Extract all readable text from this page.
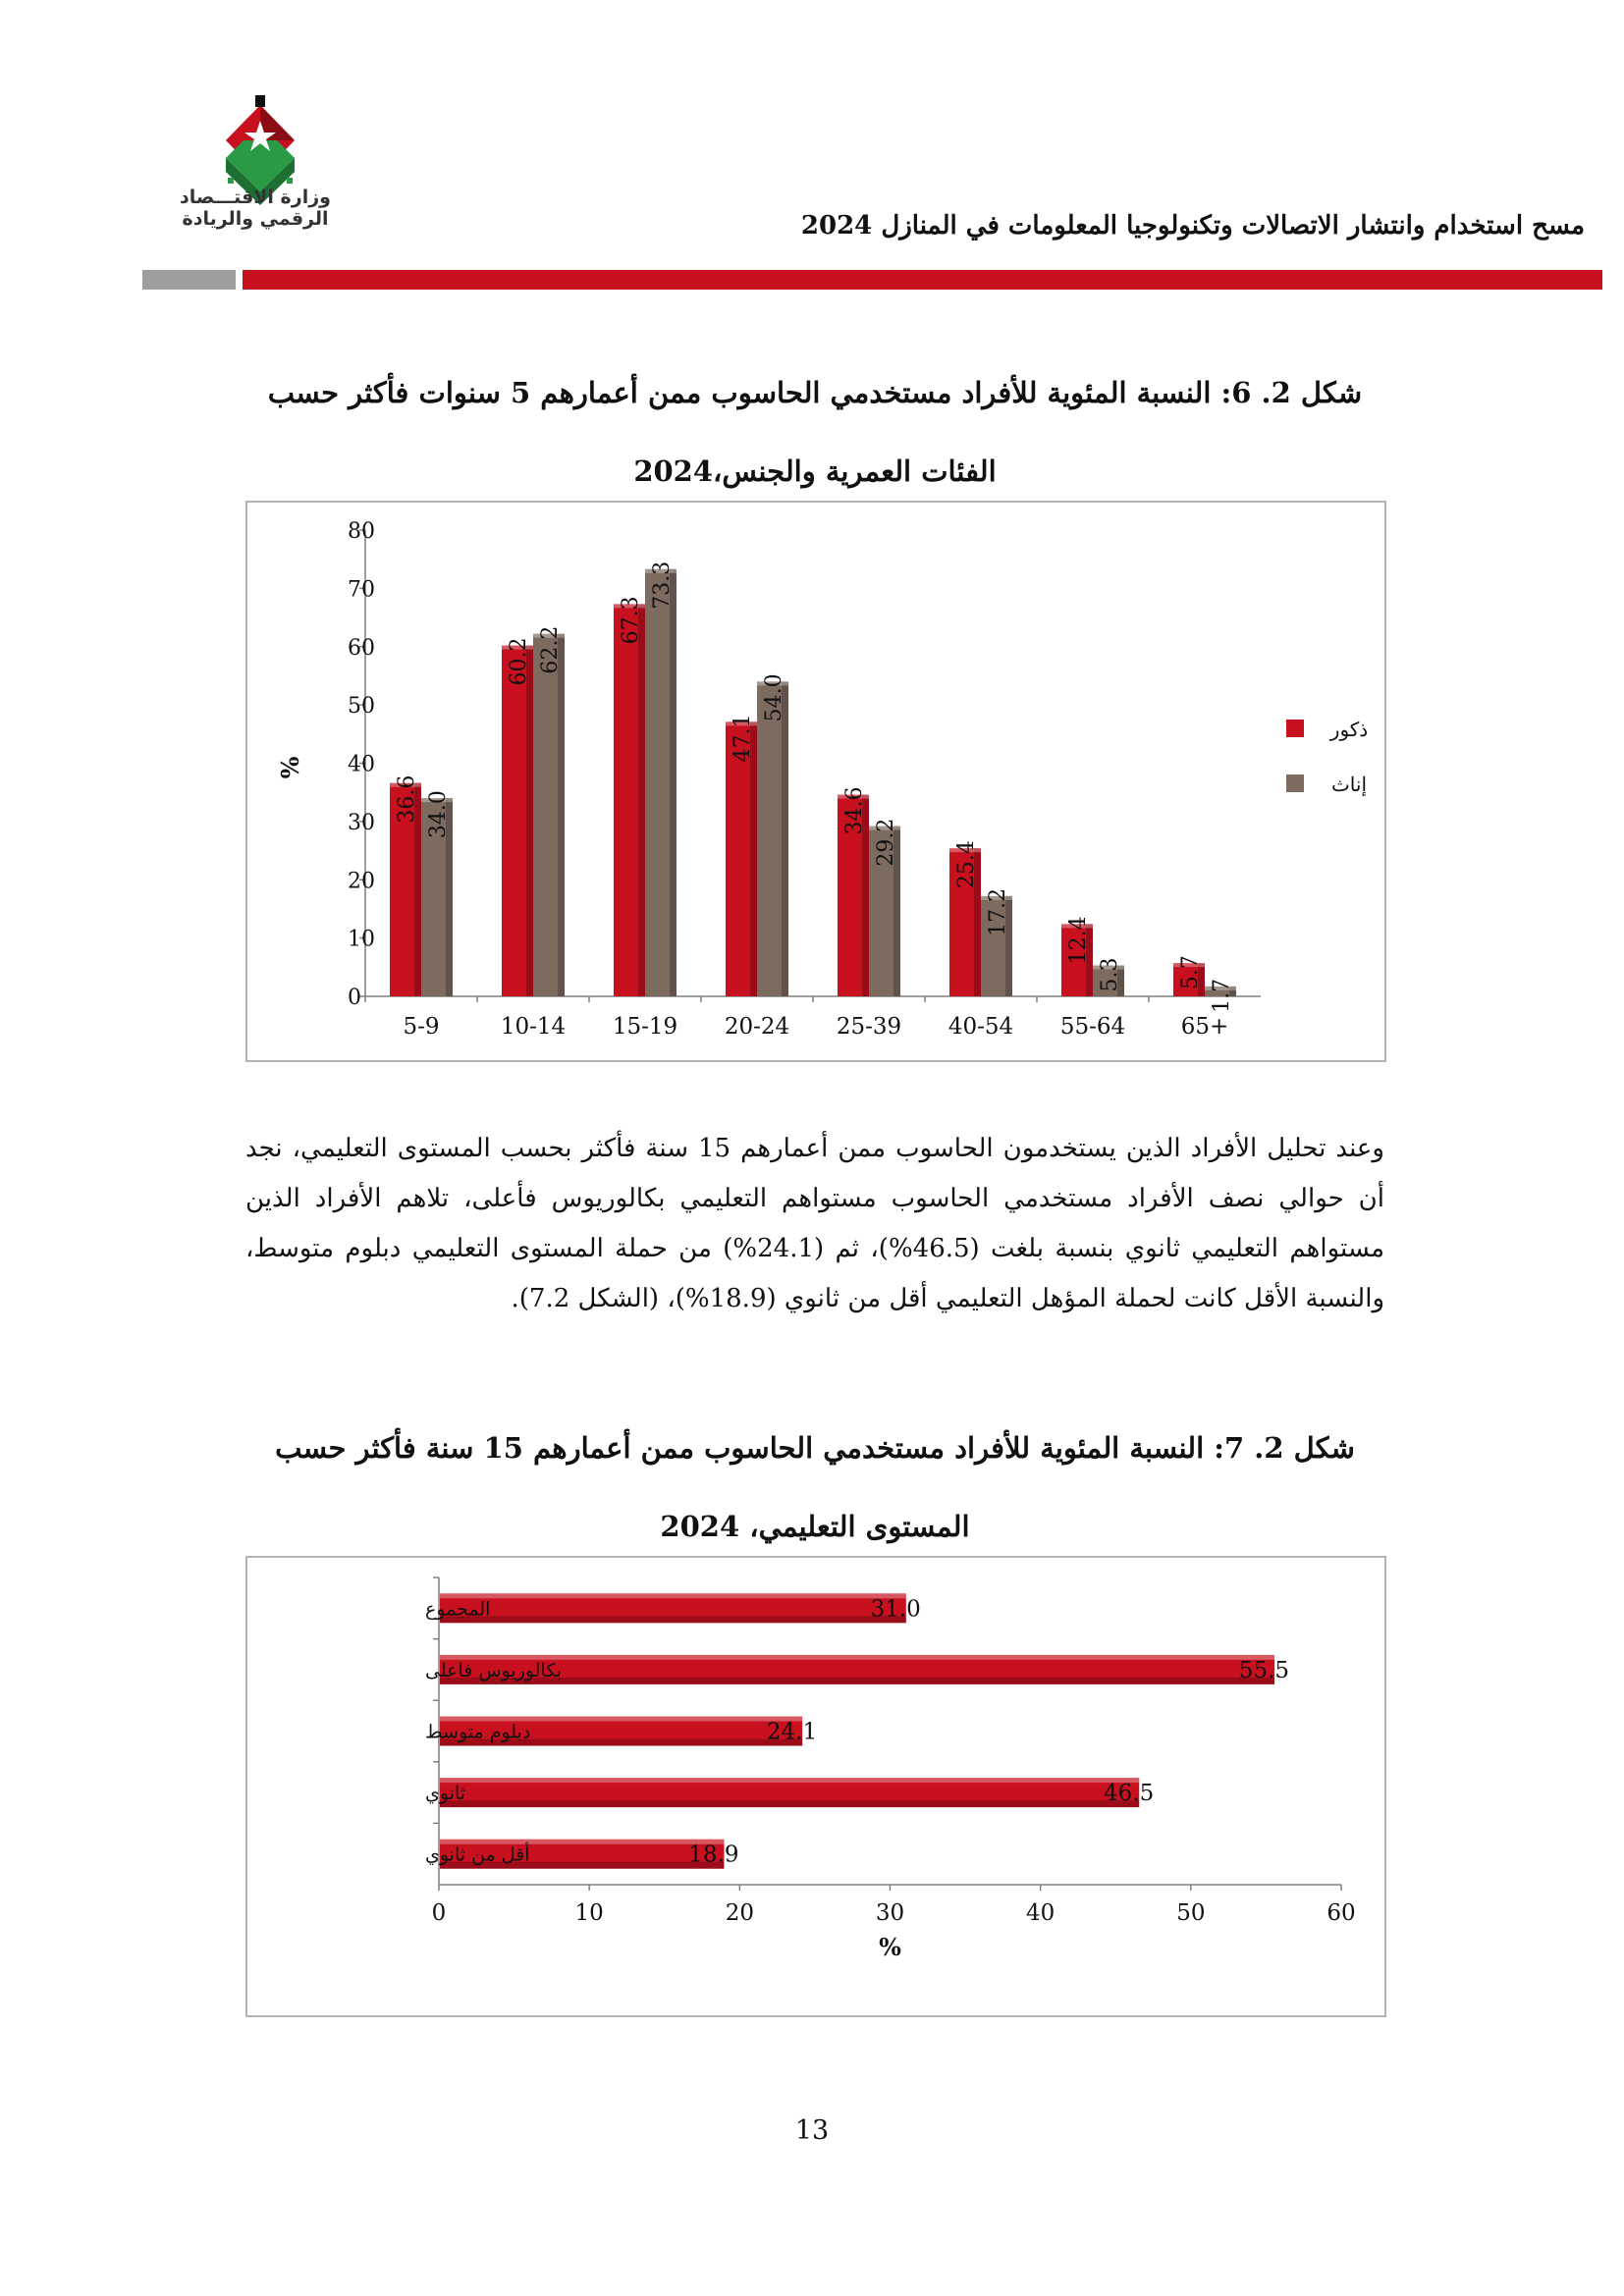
وزارة الاقتـــصاد
الرقمي والريادة	مسح استخدام وانتشار الاتصالات وتكنولوجيا المعلومات في المنازل 2024
شكل 2. 6: النسبة المئوية للأفراد مستخدمي الحاسوب ممن أعمارهم 5 سنوات فأكثر حسب
الفئات العمرية والجنس،2024
0
10
20
30
40
50
60
70
80
%
5-9
36.6 34.0
10-14
60.2 62.2
15-19
67.3
73.3
20-24
47.1
54.0
25-39
34.6
29.2
40-54
25.4
17.2
55-64
12.4
5.3
+65
5.7
1.7
ذكور
إناث
وعند تحليل الأفراد الذين يستخدمون الحاسوب ممن أعمارهم 15 سنة فأكثر بحسب المستوى التعليمي، نجد أن حوالي نصف الأفراد مستخدمي الحاسوب مستواهم التعليمي بكالوريوس فأعلى، تلاهم الأفراد الذين مستواهم التعليمي ثانوي بنسبة بلغت (46.5%)، ثم (24.1%) من حملة المستوى التعليمي دبلوم متوسط، والنسبة الأقل كانت لحملة المؤهل التعليمي أقل من ثانوي (18.9%)، (الشكل 7.2).
شكل 2. 7: النسبة المئوية للأفراد مستخدمي الحاسوب ممن أعمارهم 15 سنة فأكثر حسب
المستوى التعليمي، 2024
0	10	20	30	40	50	60
%
31.0
المجموع
55.5
بكالوريوس فاعلى
24.1
دبلوم متوسط
46.5
ثانوي
18.9
أقل من ثانوي
13
